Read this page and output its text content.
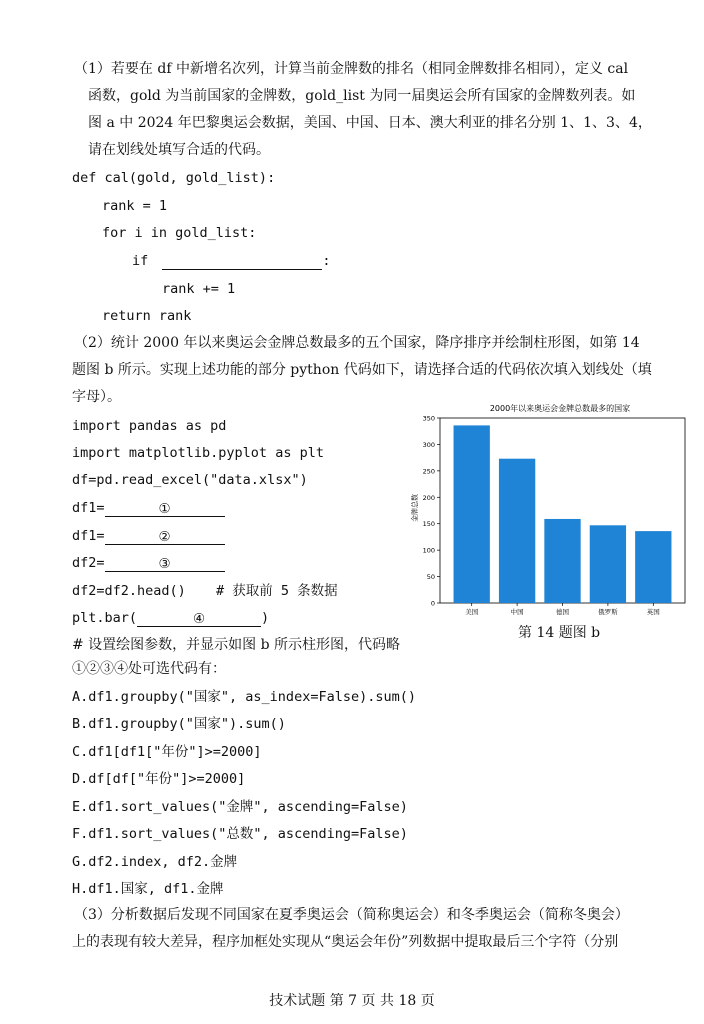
（1）若要在 df 中新增名次列，计算当前金牌数的排名（相同金牌数排名相同），定义 cal
函数，gold 为当前国家的金牌数，gold_list 为同一届奥运会所有国家的金牌数列表。如
图 a 中 2024 年巴黎奥运会数据，美国、中国、日本、澳大利亚的排名分别 1、1、3、4，
请在划线处填写合适的代码。
def cal(gold, gold_list):
rank = 1
for i in gold_list:
if	:
rank += 1
return rank
（2）统计 2000 年以来奥运会金牌总数最多的五个国家，降序排序并绘制柱形图，如第 14
题图 b 所示。实现上述功能的部分 python 代码如下，请选择合适的代码依次填入划线处（填
字母）。
import pandas as pd
import matplotlib.pyplot as plt
df=pd.read_excel("data.xlsx")
df1=	①
df1=	②
df2=	③
df2=df2.head() # 获取前 5 条数据
plt.bar(	④	)
# 设置绘图参数，并显示如图 b 所示柱形图，代码略
①②③④处可选代码有：
A.df1.groupby("国家", as_index=False).sum()
B.df1.groupby("国家").sum()
C.df1[df1["年份"]>=2000]
D.df[df["年份"]>=2000]
E.df1.sort_values("金牌", ascending=False)
F.df1.sort_values("总数", ascending=False)
G.df2.index, df2.金牌
H.df1.国家, df1.金牌
2000年以来奥运会金牌总数最多的国家
金牌总数
0
50
100
150
200
250
300
350
美国	中国	德国	俄罗斯	英国
第 14 题图 b
（3）分析数据后发现不同国家在夏季奥运会（简称奥运会）和冬季奥运会（简称冬奥会）
上的表现有较大差异，程序加框处实现从“奥运会年份”列数据中提取最后三个字符（分别
技术试题 第 7 页 共 18 页
